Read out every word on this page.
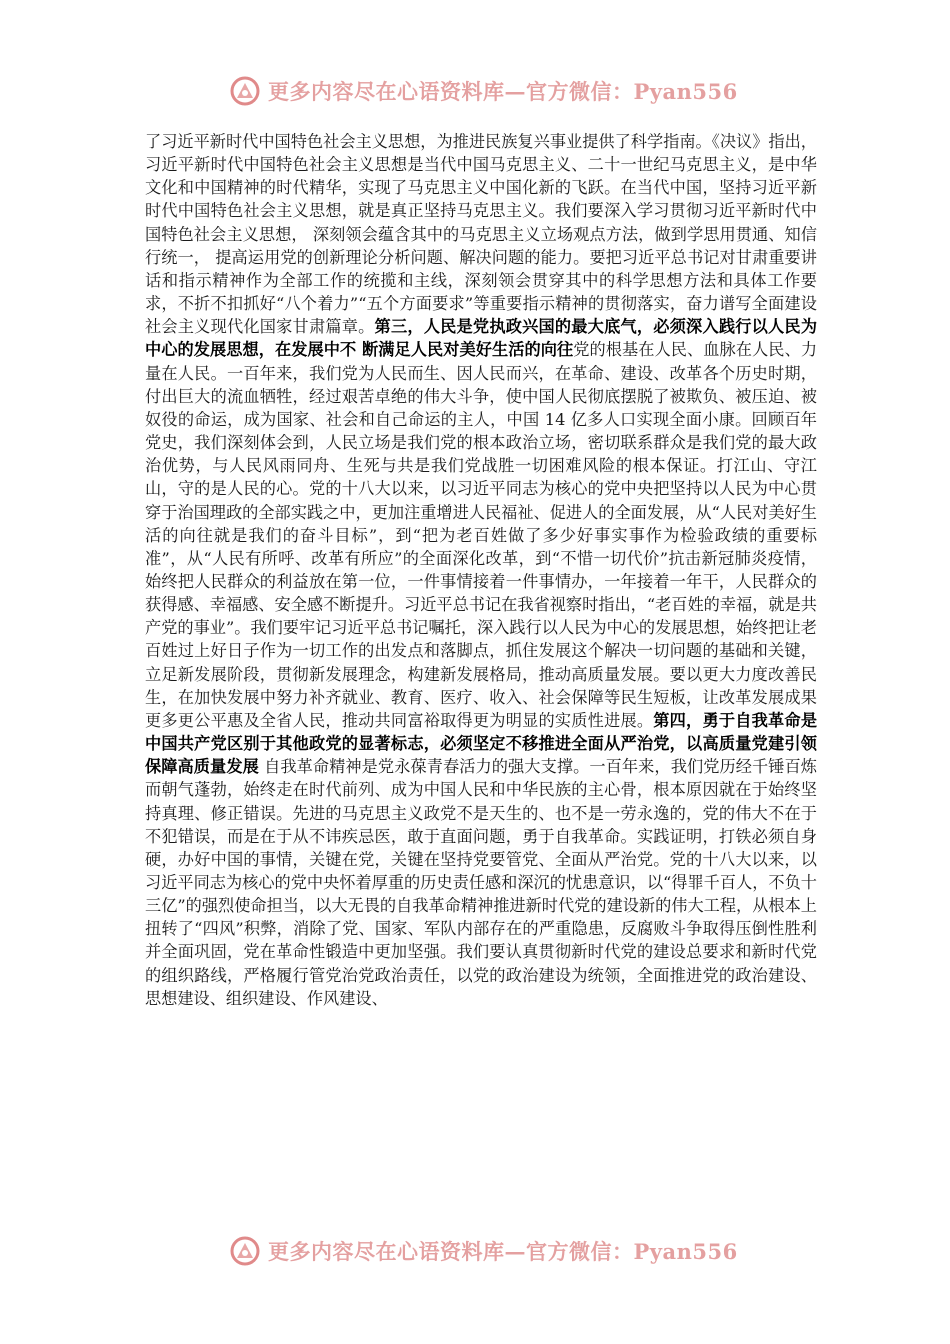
更多内容尽在心语资料库—官方微信：Pyan556

了习近平新时代中国特色社会主义思想，为推进民族复兴事业提供了科学指南。《决议》指出，习近平新时代中国特色社会主义思想是当代中国马克思主义、二十一世纪马克思主义，是中华文化和中国精神的时代精华，实现了马克思主义中国化新的飞跃。在当代中国，坚持习近平新时代中国特色社会主义思想，就是真正坚持马克思主义。我们要深入学习贯彻习近平新时代中国特色社会主义思想， 深刻领会蕴含其中的马克思主义立场观点方法，做到学思用贯通、知信行统一， 提高运用党的创新理论分析问题、解决问题的能力。要把习近平总书记对甘肃重要讲话和指示精神作为全部工作的统揽和主线，深刻领会贯穿其中的科学思想方法和具体工作要求，不折不扣抓好“八个着力”“五个方面要求”等重要指示精神的贯彻落实，奋力谱写全面建设社会主义现代化国家甘肃篇章。第三，人民是党执政兴国的最大底气，必须深入践行以人民为中心的发展思想，在发展中不 断满足人民对美好生活的向往党的根基在人民、血脉在人民、力量在人民。一百年来，我们党为人民而生、因人民而兴，在革命、建设、改革各个历史时期，付出巨大的流血牺牲，经过艰苦卓绝的伟大斗争，使中国人民彻底摆脱了被欺负、被压迫、被奴役的命运，成为国家、社会和自己命运的主人，中国 14 亿多人口实现全面小康。回顾百年党史，我们深刻体会到，人民立场是我们党的根本政治立场，密切联系群众是我们党的最大政治优势，与人民风雨同舟、生死与共是我们党战胜一切困难风险的根本保证。打江山、守江山，守的是人民的心。党的十八大以来，以习近平同志为核心的党中央把坚持以人民为中心贯穿于治国理政的全部实践之中，更加注重增进人民福祉、促进人的全面发展，从“人民对美好生活的向往就是我们的奋斗目标”，到“把为老百姓做了多少好事实事作为检验政绩的重要标准”，从“人民有所呼、改革有所应”的全面深化改革，到“不惜一切代价”抗击新冠肺炎疫情，始终把人民群众的利益放在第一位，一件事情接着一件事情办，一年接着一年干，人民群众的获得感、幸福感、安全感不断提升。习近平总书记在我省视察时指出，“老百姓的幸福，就是共产党的事业”。我们要牢记习近平总书记嘱托，深入践行以人民为中心的发展思想，始终把让老百姓过上好日子作为一切工作的出发点和落脚点，抓住发展这个解决一切问题的基础和关键，立足新发展阶段，贯彻新发展理念，构建新发展格局，推动高质量发展。要以更大力度改善民生，在加快发展中努力补齐就业、教育、医疗、收入、社会保障等民生短板，让改革发展成果更多更公平惠及全省人民，推动共同富裕取得更为明显的实质性进展。第四，勇于自我革命是中国共产党区别于其他政党的显著标志，必须坚定不移推进全面从严治党，以高质量党建引领保障高质量发展 自我革命精神是党永葆青春活力的强大支撑。一百年来，我们党历经千锤百炼而朝气蓬勃，始终走在时代前列、成为中国人民和中华民族的主心骨，根本原因就在于始终坚持真理、修正错误。先进的马克思主义政党不是天生的、也不是一劳永逸的，党的伟大不在于不犯错误，而是在于从不讳疾忌医，敢于直面问题，勇于自我革命。实践证明，打铁必须自身硬，办好中国的事情，关键在党，关键在坚持党要管党、全面从严治党。党的十八大以来，以习近平同志为核心的党中央怀着厚重的历史责任感和深沉的忧患意识，以“得罪千百人，不负十三亿”的强烈使命担当，以大无畏的自我革命精神推进新时代党的建设新的伟大工程，从根本上扭转了“四风”积弊，消除了党、国家、军队内部存在的严重隐患，反腐败斗争取得压倒性胜利并全面巩固，党在革命性锻造中更加坚强。我们要认真贯彻新时代党的建设总要求和新时代党的组织路线，严格履行管党治党政治责任，以党的政治建设为统领，全面推进党的政治建设、思想建设、组织建设、作风建设、

更多内容尽在心语资料库—官方微信：Pyan556
